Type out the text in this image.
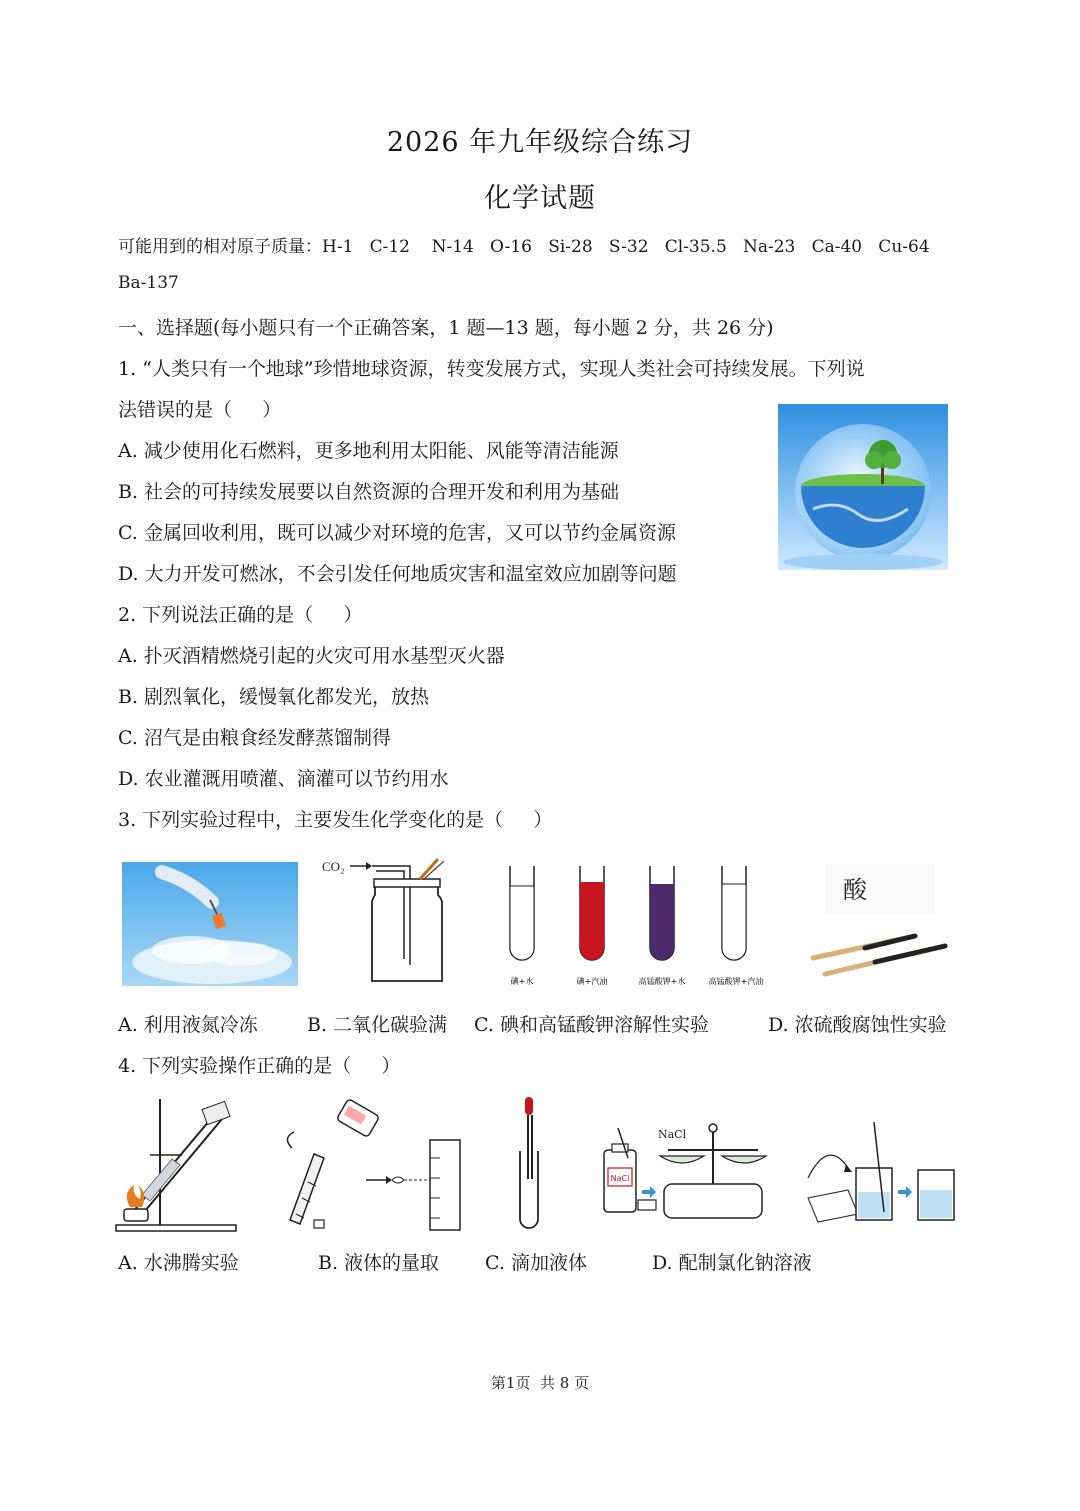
2026 年九年级综合练习
化学试题
可能用到的相对原子质量：H-1   C-12    N-14   O-16   Si-28   S-32   Cl-35.5   Na-23   Ca-40   Cu-64
Ba-137
一、选择题(每小题只有一个正确答案，1 题—13 题，每小题 2 分，共 26 分)
1. “人类只有一个地球”珍惜地球资源，转变发展方式，实现人类社会可持续发展。下列说
法错误的是（     ）
A. 减少使用化石燃料，更多地利用太阳能、风能等清洁能源
B. 社会的可持续发展要以自然资源的合理开发和利用为基础
C. 金属回收利用，既可以减少对环境的危害，又可以节约金属资源
D. 大力开发可燃冰，不会引发任何地质灾害和温室效应加剧等问题
2. 下列说法正确的是（     ）
A. 扑灭酒精燃烧引起的火灾可用水基型灭火器
B. 剧烈氧化，缓慢氧化都发光，放热
C. 沼气是由粮食经发酵蒸馏制得
D. 农业灌溉用喷灌、滴灌可以节约用水
3. 下列实验过程中，主要发生化学变化的是（     ）
CO₂
碘+水	碘+汽油	高锰酸钾+水	高锰酸钾+汽油
酸
A. 利用液氮冷冻	B. 二氧化碳验满 C. 碘和高锰酸钾溶解性实验	D. 浓硫酸腐蚀性实验
4. 下列实验操作正确的是（     ）
NaCl
NaCl
A. 水沸腾实验	B. 液体的量取 C. 滴加液体	D. 配制氯化钠溶液
第1页  共 8 页
